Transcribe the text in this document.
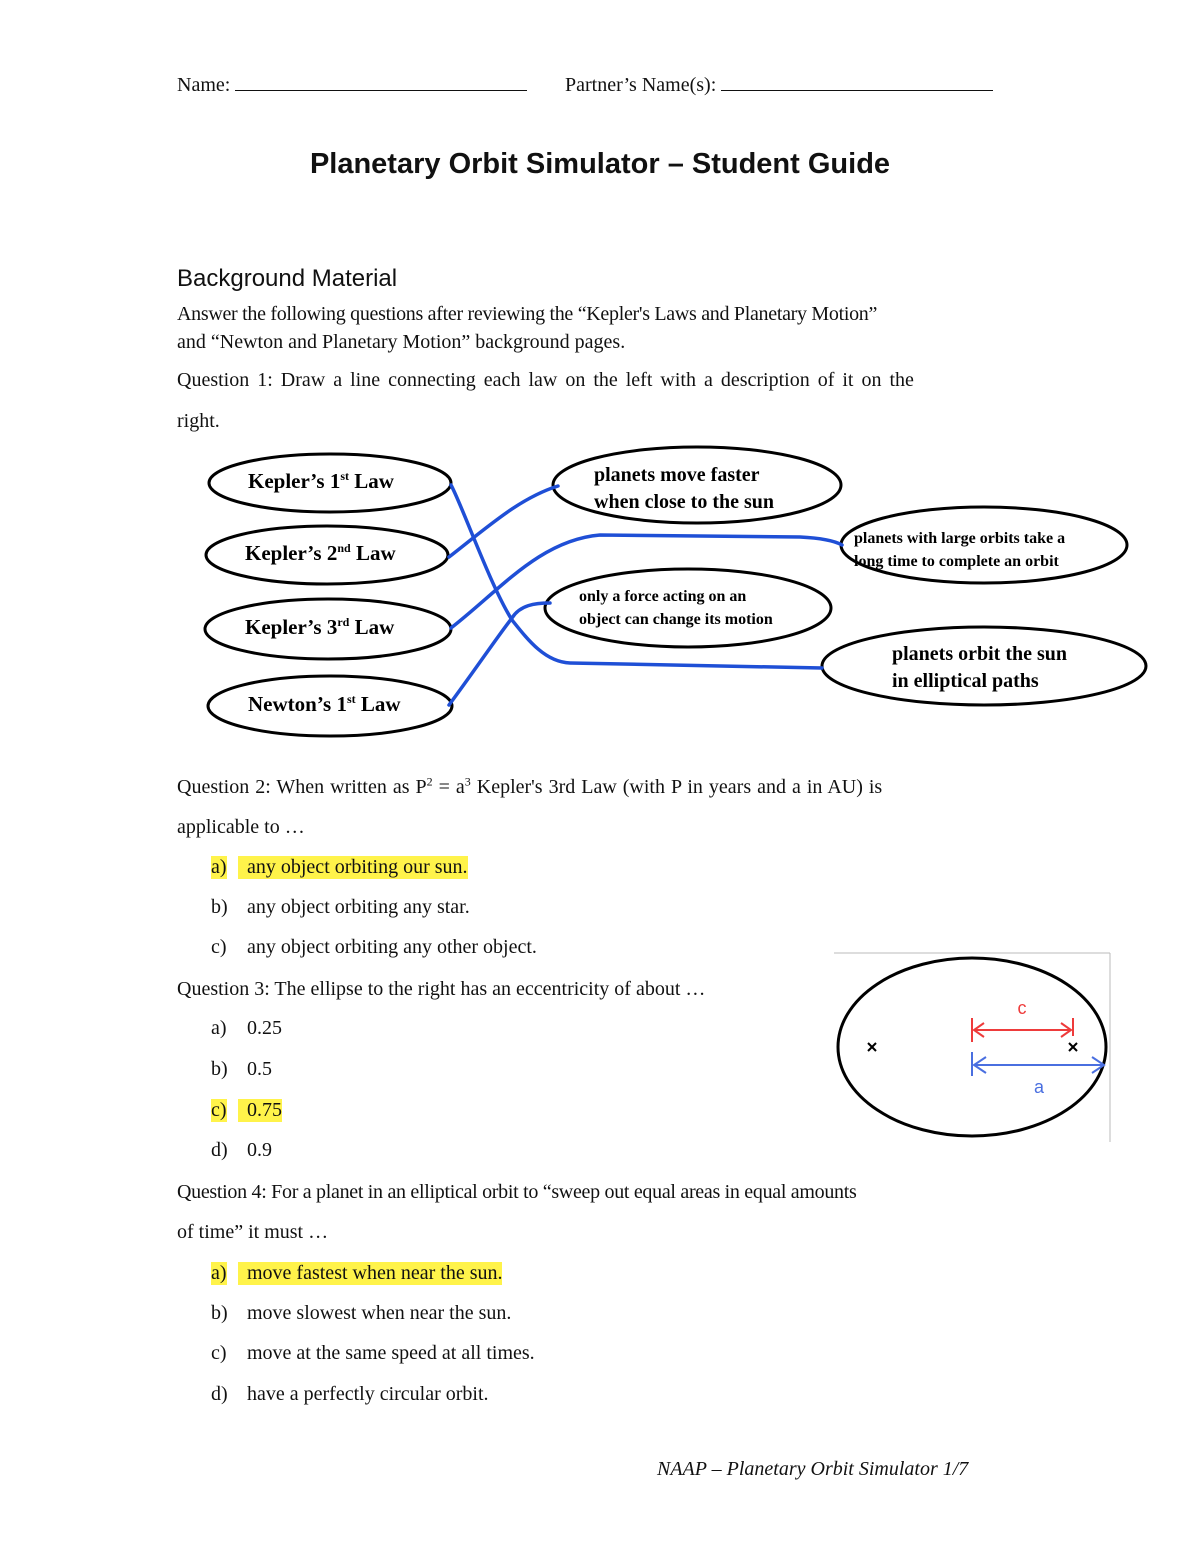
Name:	Partner’s Name(s):
Planetary Orbit Simulator – Student Guide
Background Material
Answer the following questions after reviewing the “Kepler's Laws and Planetary Motion”
and “Newton and Planetary Motion” background pages.
Question 1: Draw a line connecting each law on the left with a description of it on the
right.
Kepler’s 1st Law
Kepler’s 2nd Law
Kepler’s 3rd Law
Newton’s 1st Law
planets move faster
when close to the sun
planets with large orbits take a
long time to complete an orbit
only a force acting on an
object can change its motion
planets orbit the sun
in elliptical paths
Question 2: When written as $P^2 = a^3$ Kepler's 3rd Law (with P in years and a in AU) is
applicable to …
a)	any object orbiting our sun.
b) any object orbiting any star.
c) any object orbiting any other object.
Question 3: The ellipse to the right has an eccentricity of about …
a) 0.25
b) 0.5
c)	0.75
d) 0.9
c
a
Question 4: For a planet in an elliptical orbit to “sweep out equal areas in equal amounts
of time” it must …
a)	move fastest when near the sun.
b) move slowest when near the sun.
c) move at the same speed at all times.
d) have a perfectly circular orbit.
NAAP – Planetary Orbit Simulator 1/7
